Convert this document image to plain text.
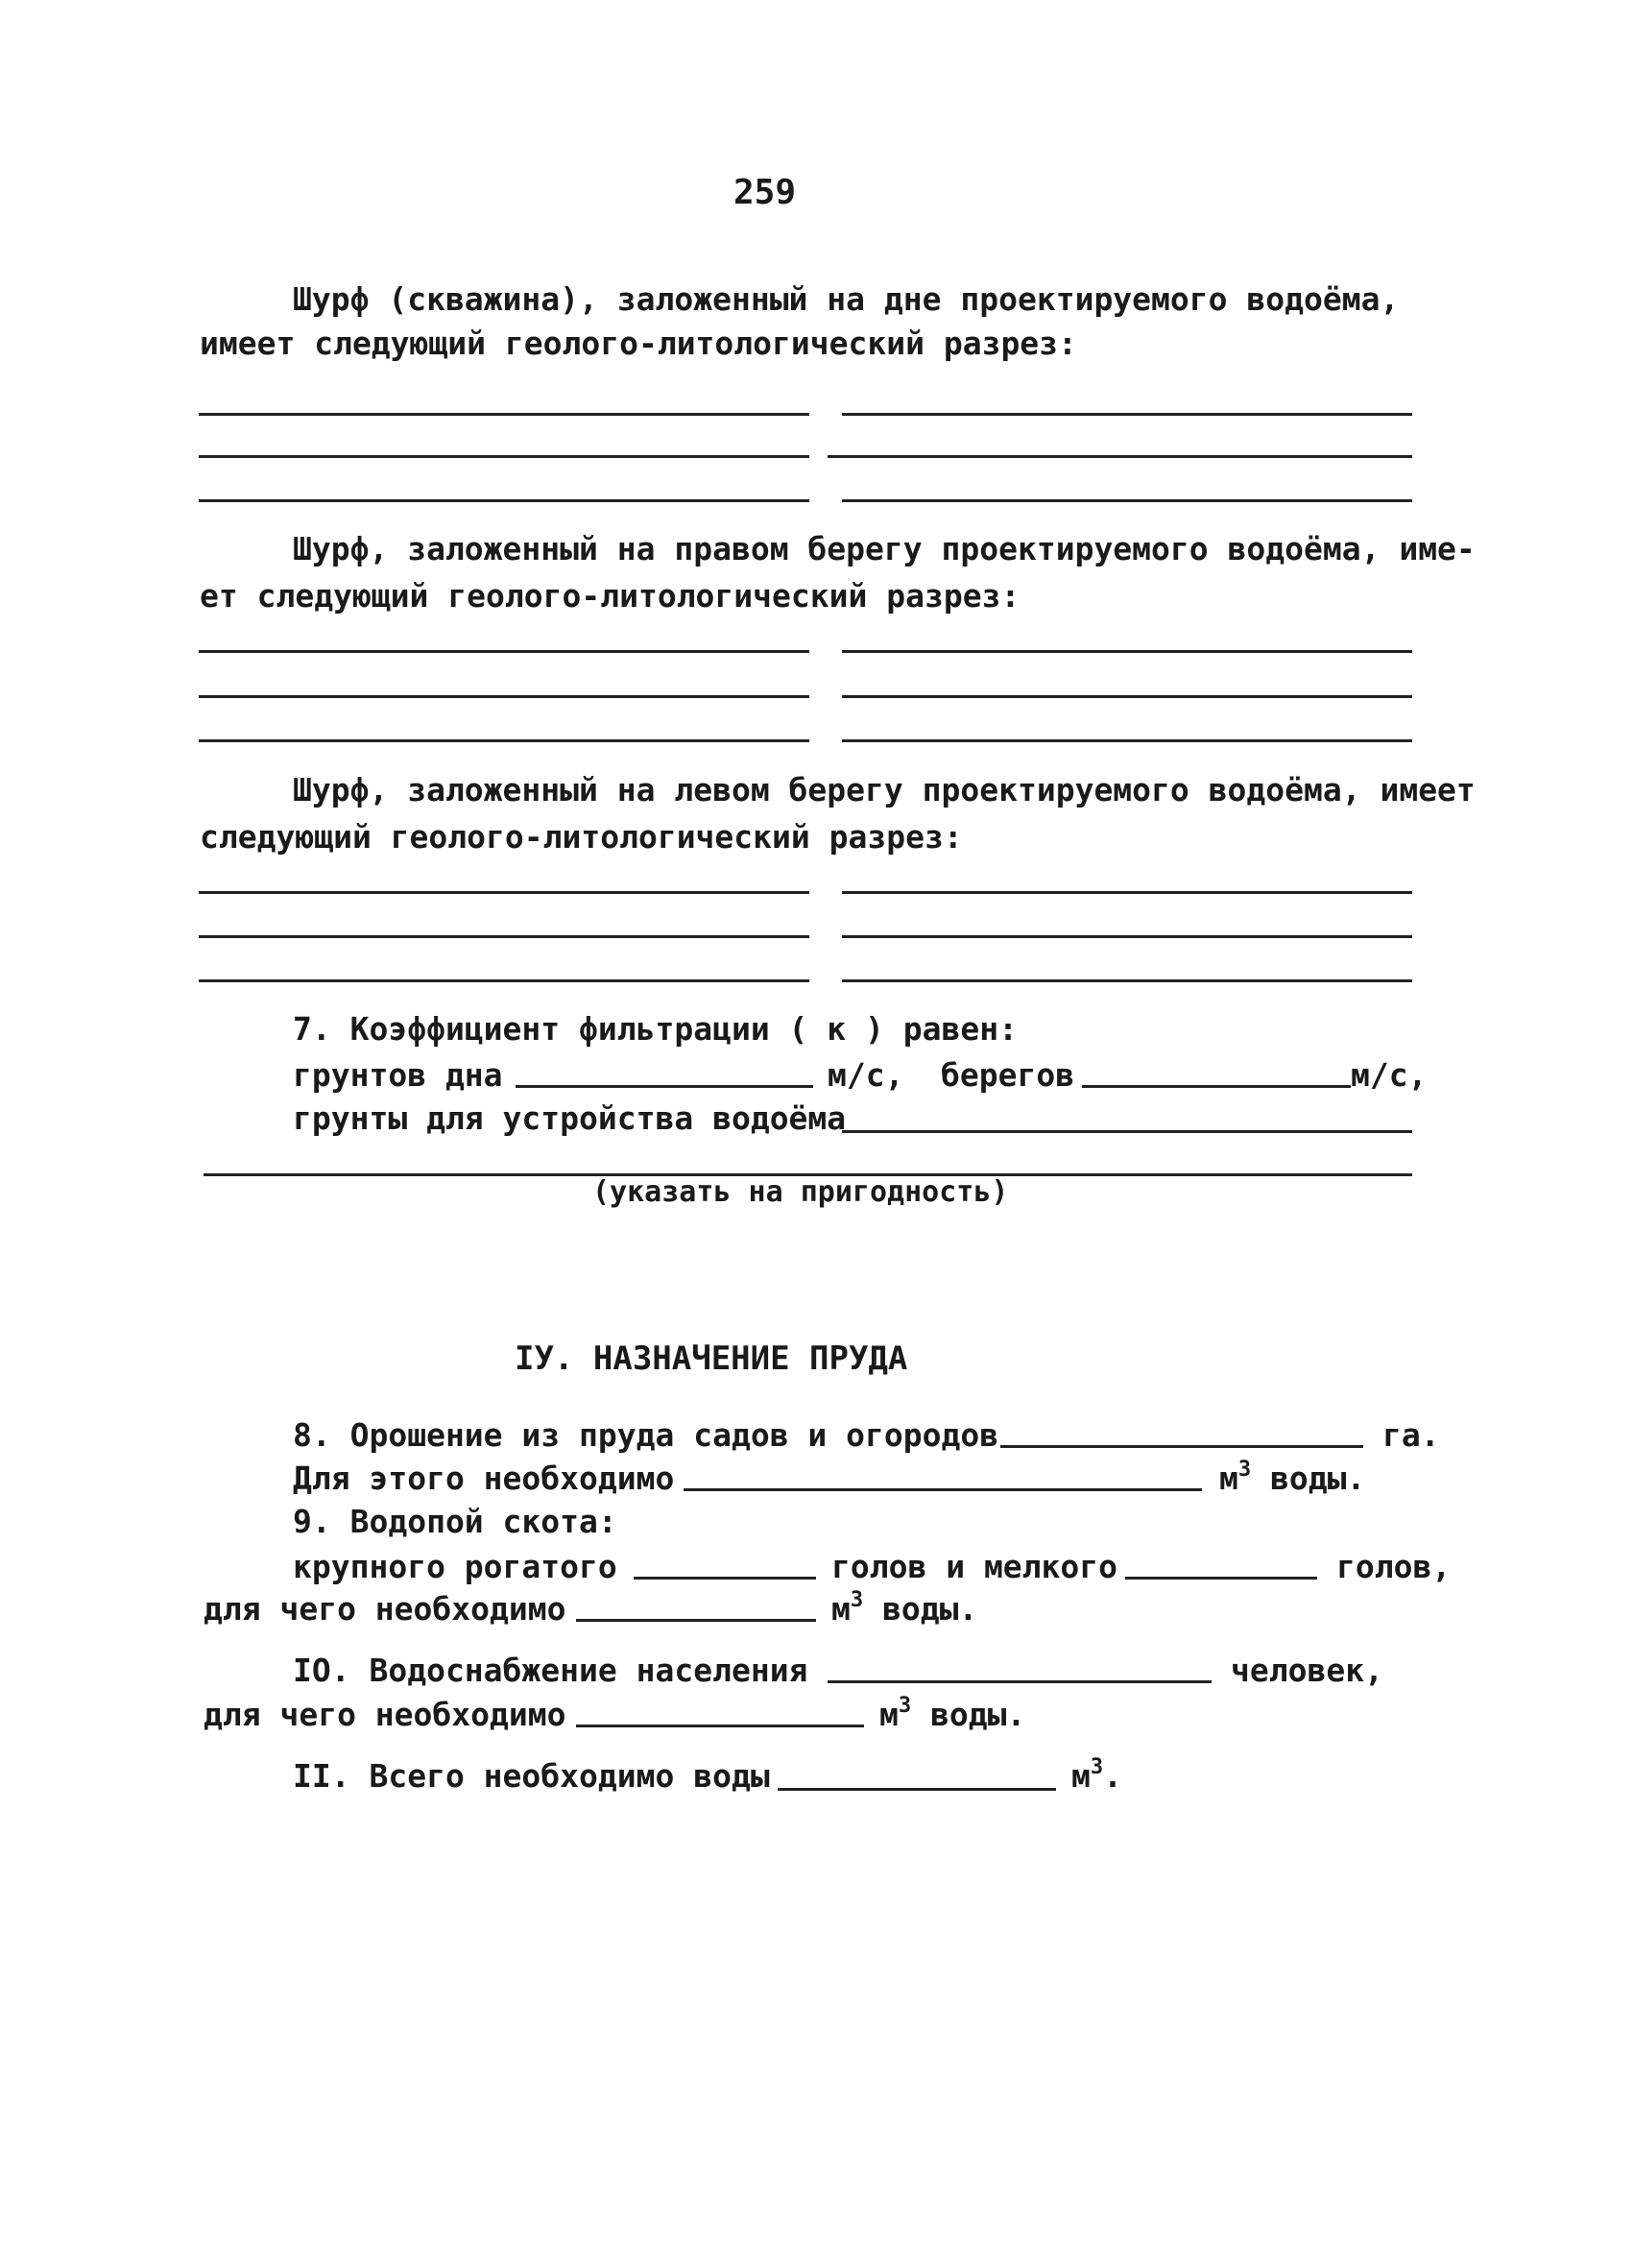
259
Шурф (скважина), заложенный на дне проектируемого водоёма,
имеет следующий геолого-литологический разрез:
Шурф, заложенный на правом берегу проектируемого водоёма, име-
ет следующий геолого-литологический разрез:
Шурф, заложенный на левом берегу проектируемого водоёма, имеет
следующий геолого-литологический разрез:
7. Коэффициент фильтрации ( к ) равен:
грунтов дна	м/с, берегов	м/с,
грунты для устройства водоёма
(указать на пригодность)
IУ. НАЗНАЧЕНИЕ ПРУДА
8. Орошение из пруда садов и огородов	га.
Для этого необходимо	$м^3$ воды.
9. Водопой скота:
крупного рогатого	голов и мелкого	голов,
для чего необходимо	$м^3$ воды.
IO. Водоснабжение населения	человек,
для чего необходимо	$м^3$ воды.
II. Всего необходимо воды	$м^3$.
